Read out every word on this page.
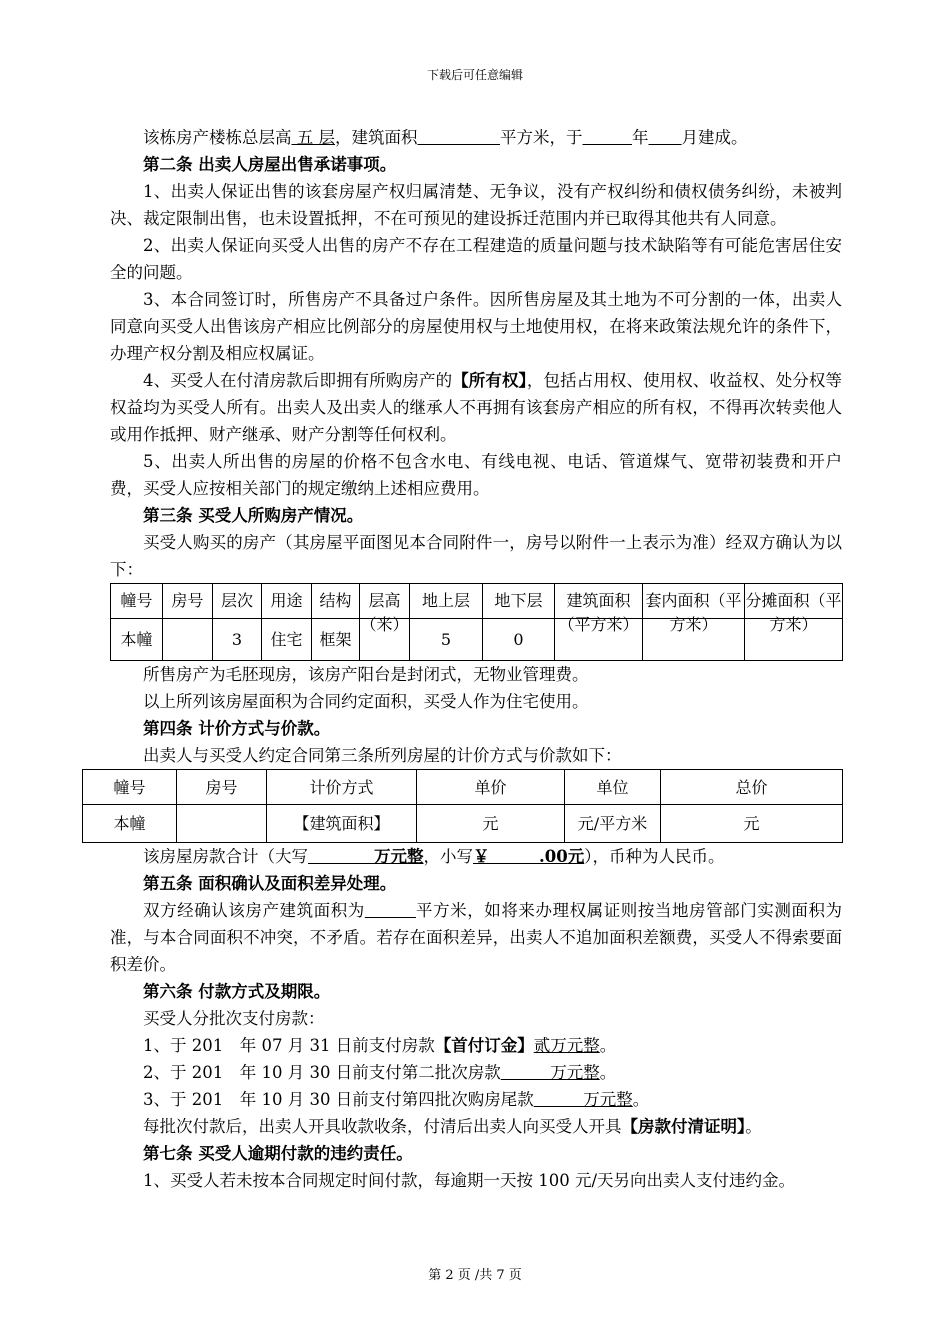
下载后可任意编辑

该栋房产楼栋总层高 五 层，建筑面积　　　　　	平方米，于　　　	年　　 月建成。

第二条 出卖人房屋出售承诺事项。

1、出卖人保证出售的该套房屋产权归属清楚、无争议，没有产权纠纷和债权债务纠纷，未被判决、裁定限制出售，也未设置抵押，不在可预见的建设拆迁范围内并已取得其他共有人同意。

2、出卖人保证向买受人出售的房产不存在工程建造的质量问题与技术缺陷等有可能危害居住安全的问题。

3、本合同签订时，所售房产不具备过户条件。因所售房屋及其土地为不可分割的一体，出卖人同意向买受人出售该房产相应比例部分的房屋使用权与土地使用权，在将来政策法规允许的条件下，办理产权分割及相应权属证。

4、买受人在付清房款后即拥有所购房产的【所有权】，包括占用权、使用权、收益权、处分权等权益均为买受人所有。出卖人及出卖人的继承人不再拥有该套房产相应的所有权，不得再次转卖他人或用作抵押、财产继承、财产分割等任何权利。

5、出卖人所出售的房屋的价格不包含水电、有线电视、电话、管道煤气、宽带初装费和开户费，买受人应按相关部门的规定缴纳上述相应费用。

第三条 买受人所购房产情况。

买受人购买的房产（其房屋平面图见本合同附件一，房号以附件一上表示为准）经双方确认为以下：

幢号	房号	层次	用途	结构	层高（米）	地上层	地下层	建筑面积（平方米）	套内面积（平方米）	分摊面积（平方米）

本幢		3	住宅	框架		5	0			

所售房产为毛胚现房，该房产阳台是封闭式，无物业管理费。

以上所列该房屋面积为合同约定面积，买受人作为住宅使用。

第四条 计价方式与价款。

出卖人与买受人约定合同第三条所列房屋的计价方式与价款如下：

幢号	房号	计价方式	单价	单位	总价
本幢		【建筑面积】	元	元/平方米	元

该房屋房款合计（大写　　　　	万元整，小写￥　　　.00元），币种为人民币。

第五条 面积确认及面积差异处理。

双方经确认该房产建筑面积为　　　	平方米，如将来办理权属证则按当地房管部门实测面积为准，与本合同面积不冲突，不矛盾。若存在面积差异，出卖人不追加面积差额费，买受人不得索要面积差价。

第六条 付款方式及期限。

买受人分批次支付房款：

1、于 201　年 07 月 31 日前支付房款【首付订金】贰万元整。

2、于 201　年 10 月 30 日前支付第二批次房款　　　万元整。

3、于 201　年 10 月 30 日前支付第四批次购房尾款　　　万元整。

每批次付款后，出卖人开具收款收条，付清后出卖人向买受人开具【房款付清证明】。

第七条 买受人逾期付款的违约责任。

1、买受人若未按本合同规定时间付款，每逾期一天按 100 元/天另向出卖人支付违约金。

第 2 页 /共 7 页
